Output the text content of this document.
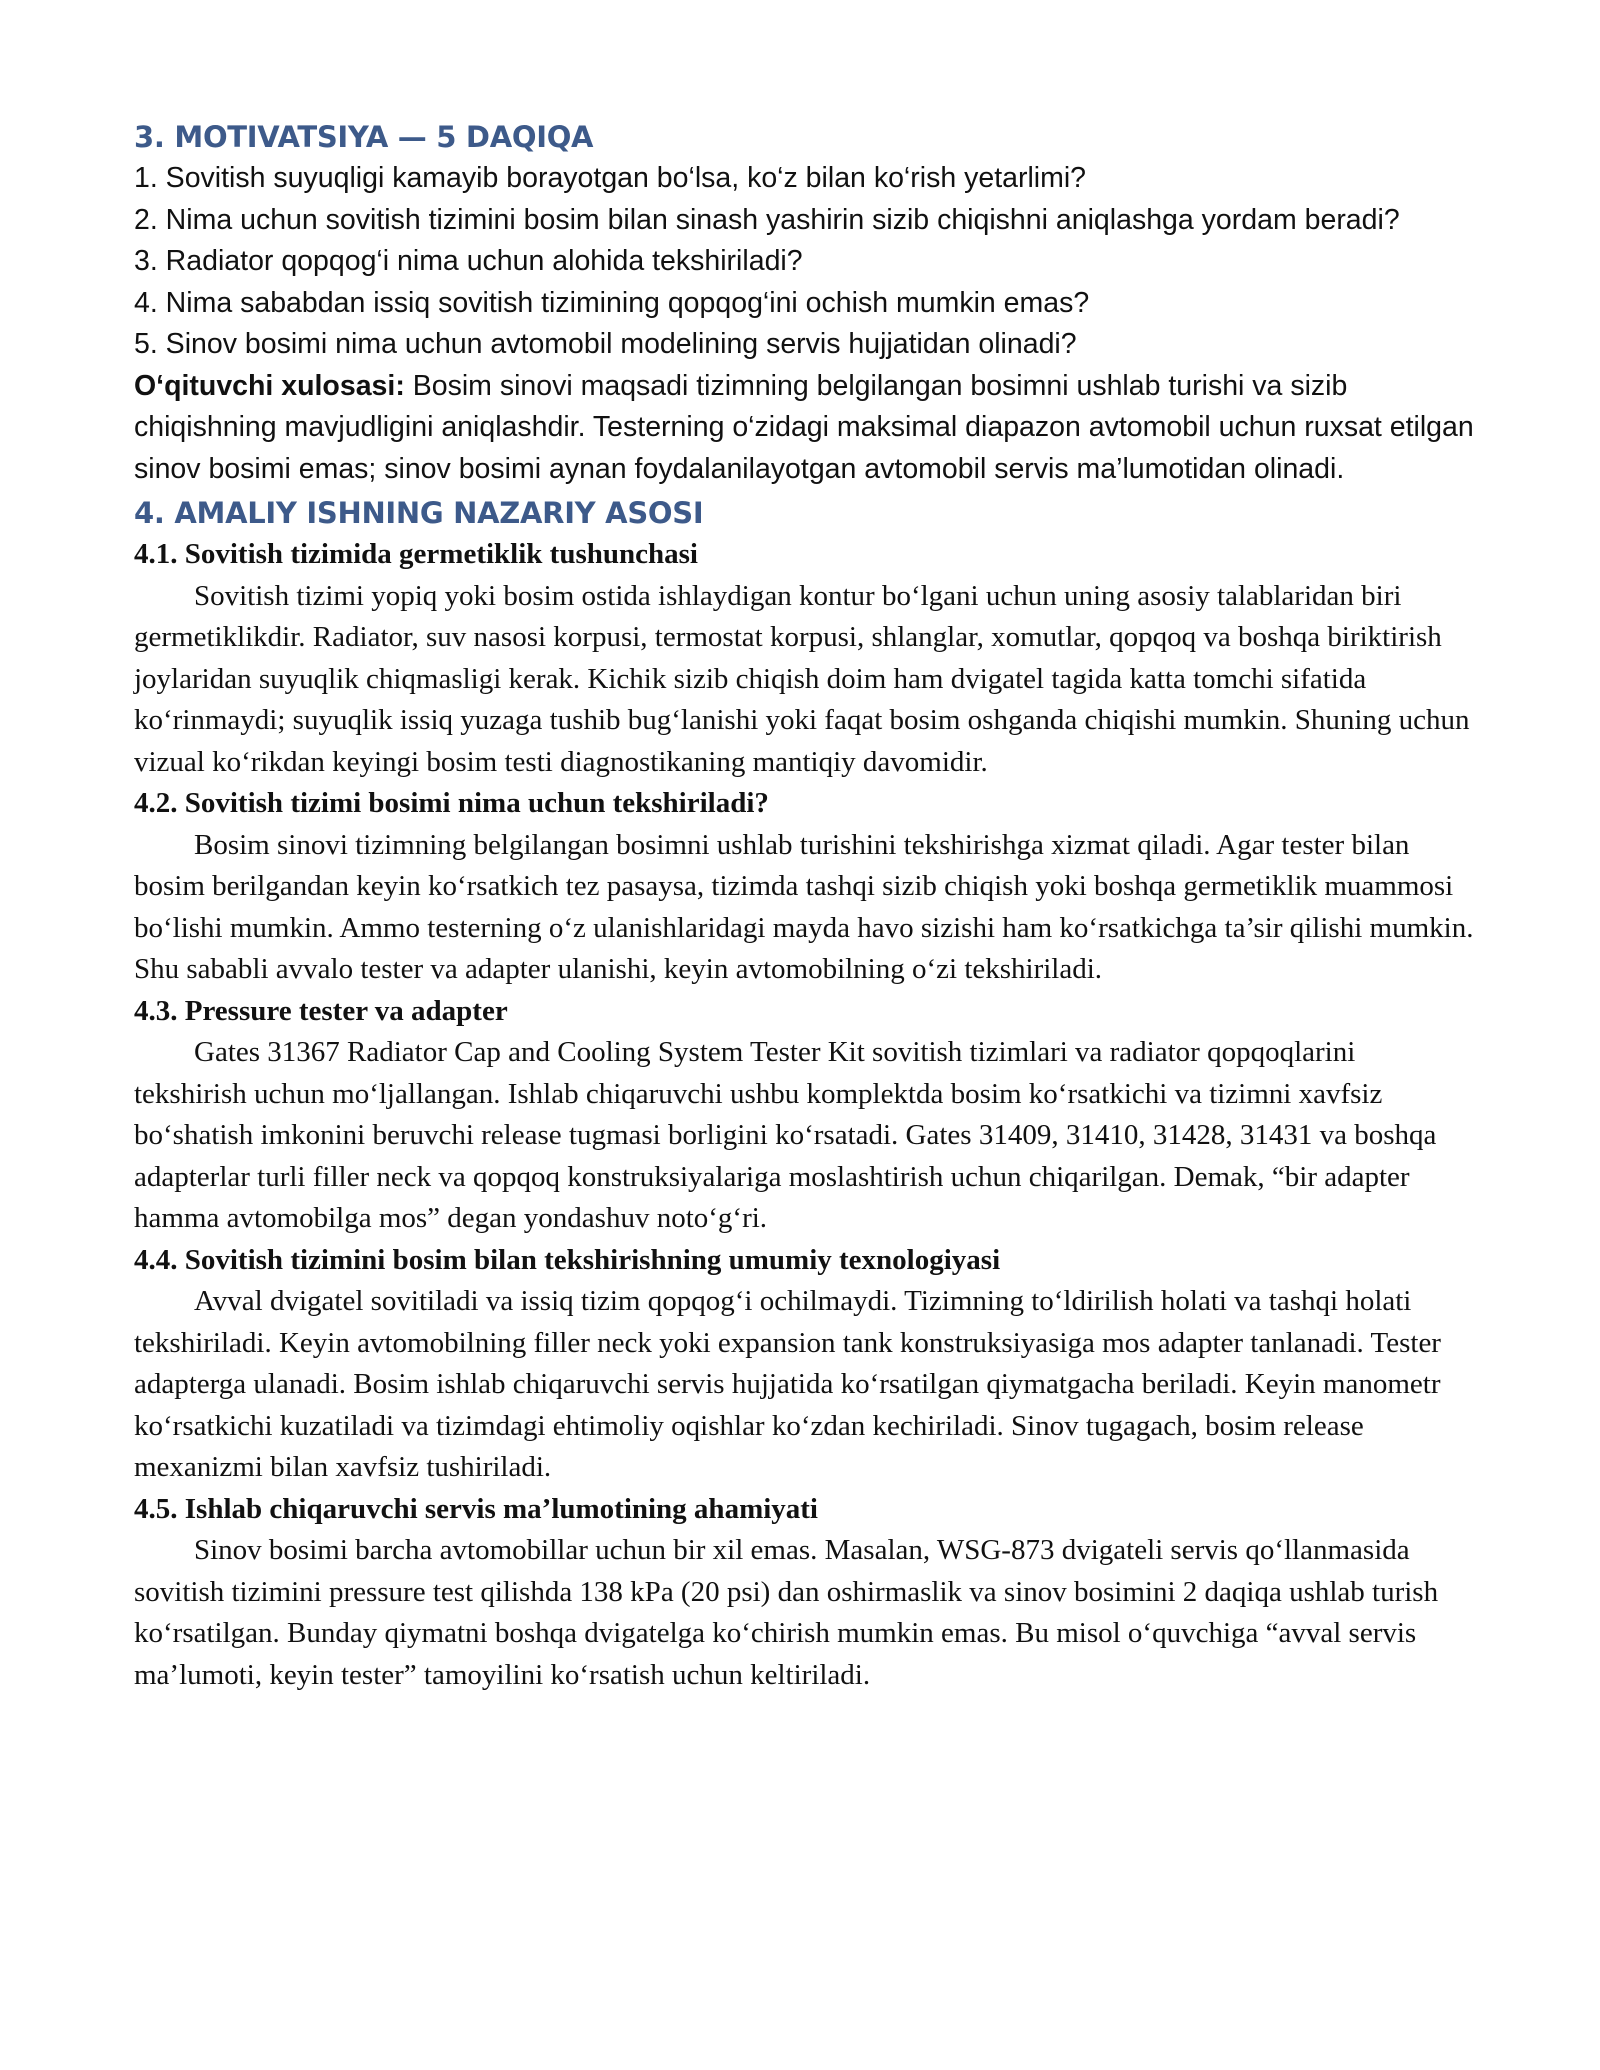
3. MOTIVATSIYA — 5 DAQIQA

1. Sovitish suyuqligi kamayib borayotgan bo‘lsa, ko‘z bilan ko‘rish yetarlimi?

2. Nima uchun sovitish tizimini bosim bilan sinash yashirin sizib chiqishni aniqlashga yordam beradi?

3. Radiator qopqog‘i nima uchun alohida tekshiriladi?

4. Nima sababdan issiq sovitish tizimining qopqog‘ini ochish mumkin emas?

5. Sinov bosimi nima uchun avtomobil modelining servis hujjatidan olinadi?

O‘qituvchi xulosasi: Bosim sinovi maqsadi tizimning belgilangan bosimni ushlab turishi va sizib chiqishning mavjudligini aniqlashdir. Testerning o‘zidagi maksimal diapazon avtomobil uchun ruxsat etilgan sinov bosimi emas; sinov bosimi aynan foydalanilayotgan avtomobil servis ma’lumotidan olinadi.

4. AMALIY ISHNING NAZARIY ASOSI

4.1. Sovitish tizimida germetiklik tushunchasi

Sovitish tizimi yopiq yoki bosim ostida ishlaydigan kontur bo‘lgani uchun uning asosiy talablaridan biri germetiklikdir. Radiator, suv nasosi korpusi, termostat korpusi, shlanglar, xomutlar, qopqoq va boshqa biriktirish joylaridan suyuqlik chiqmasligi kerak. Kichik sizib chiqish doim ham dvigatel tagida katta tomchi sifatida ko‘rinmaydi; suyuqlik issiq yuzaga tushib bug‘lanishi yoki faqat bosim oshganda chiqishi mumkin. Shuning uchun vizual ko‘rikdan keyingi bosim testi diagnostikaning mantiqiy davomidir.

4.2. Sovitish tizimi bosimi nima uchun tekshiriladi?

Bosim sinovi tizimning belgilangan bosimni ushlab turishini tekshirishga xizmat qiladi. Agar tester bilan bosim berilgandan keyin ko‘rsatkich tez pasaysa, tizimda tashqi sizib chiqish yoki boshqa germetiklik muammosi bo‘lishi mumkin. Ammo testerning o‘z ulanishlaridagi mayda havo sizishi ham ko‘rsatkichga ta’sir qilishi mumkin. Shu sababli avvalo tester va adapter ulanishi, keyin avtomobilning o‘zi tekshiriladi.

4.3. Pressure tester va adapter

Gates 31367 Radiator Cap and Cooling System Tester Kit sovitish tizimlari va radiator qopqoqlarini tekshirish uchun mo‘ljallangan. Ishlab chiqaruvchi ushbu komplektda bosim ko‘rsatkichi va tizimni xavfsiz bo‘shatish imkonini beruvchi release tugmasi borligini ko‘rsatadi. Gates 31409, 31410, 31428, 31431 va boshqa adapterlar turli filler neck va qopqoq konstruksiyalariga moslashtirish uchun chiqarilgan. Demak, “bir adapter hamma avtomobilga mos” degan yondashuv noto‘g‘ri.

4.4. Sovitish tizimini bosim bilan tekshirishning umumiy texnologiyasi

Avval dvigatel sovitiladi va issiq tizim qopqog‘i ochilmaydi. Tizimning to‘ldirilish holati va tashqi holati tekshiriladi. Keyin avtomobilning filler neck yoki expansion tank konstruksiyasiga mos adapter tanlanadi. Tester adapterga ulanadi. Bosim ishlab chiqaruvchi servis hujjatida ko‘rsatilgan qiymatgacha beriladi. Keyin manometr ko‘rsatkichi kuzatiladi va tizimdagi ehtimoliy oqishlar ko‘zdan kechiriladi. Sinov tugagach, bosim release mexanizmi bilan xavfsiz tushiriladi.

4.5. Ishlab chiqaruvchi servis ma’lumotining ahamiyati

Sinov bosimi barcha avtomobillar uchun bir xil emas. Masalan, WSG-873 dvigateli servis qo‘llanmasida sovitish tizimini pressure test qilishda 138 kPa (20 psi) dan oshirmaslik va sinov bosimini 2 daqiqa ushlab turish ko‘rsatilgan. Bunday qiymatni boshqa dvigatelga ko‘chirish mumkin emas. Bu misol o‘quvchiga “avval servis ma’lumoti, keyin tester” tamoyilini ko‘rsatish uchun keltiriladi.
